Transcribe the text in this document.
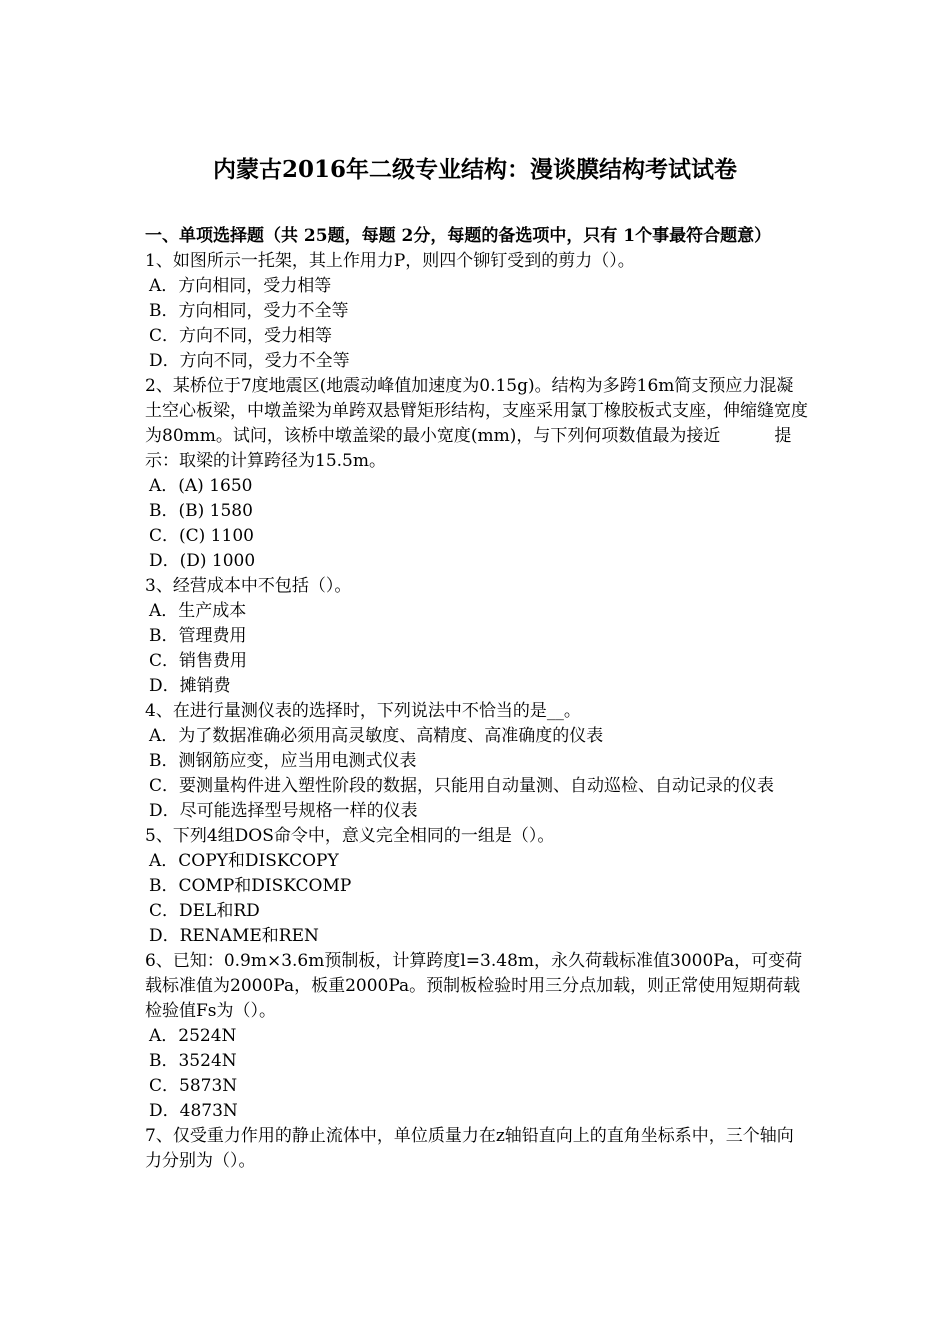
内蒙古2016年二级专业结构：漫谈膜结构考试试卷

一、单项选择题（共 25题，每题 2分，每题的备选项中，只有 1个事最符合题意）

1、如图所示一托架，其上作用力P，则四个铆钉受到的剪力（）。

A．方向相同，受力相等

B．方向相同，受力不全等

C．方向不同，受力相等

D．方向不同，受力不全等

2、某桥位于7度地震区(地震动峰值加速度为0.15g)。结构为多跨16m简支预应力混凝土空心板梁，中墩盖梁为单跨双悬臂矩形结构，支座采用氯丁橡胶板式支座，伸缩缝宽度为80mm。试问，该桥中墩盖梁的最小宽度(mm)，与下列何项数值最为接近          提示：取梁的计算跨径为15.5m。

A．(A) 1650

B．(B) 1580

C．(C) 1100

D．(D) 1000

3、经营成本中不包括（）。

A．生产成本

B．管理费用

C．销售费用

D．摊销费

4、在进行量测仪表的选择时，下列说法中不恰当的是__。

A．为了数据准确必须用高灵敏度、高精度、高准确度的仪表

B．测钢筋应变，应当用电测式仪表

C．要测量构件进入塑性阶段的数据，只能用自动量测、自动巡检、自动记录的仪表

D．尽可能选择型号规格一样的仪表

5、下列4组DOS命令中，意义完全相同的一组是（）。

A．COPY和DISKCOPY

B．COMP和DISKCOMP

C．DEL和RD

D．RENAME和REN

6、已知：0.9m×3.6m预制板，计算跨度l=3.48m，永久荷载标准值3000Pa，可变荷载标准值为2000Pa，板重2000Pa。预制板检验时用三分点加载，则正常使用短期荷载检验值Fs为（）。

A．2524N

B．3524N

C．5873N

D．4873N

7、仅受重力作用的静止流体中，单位质量力在z轴铅直向上的直角坐标系中，三个轴向力分别为（）。
